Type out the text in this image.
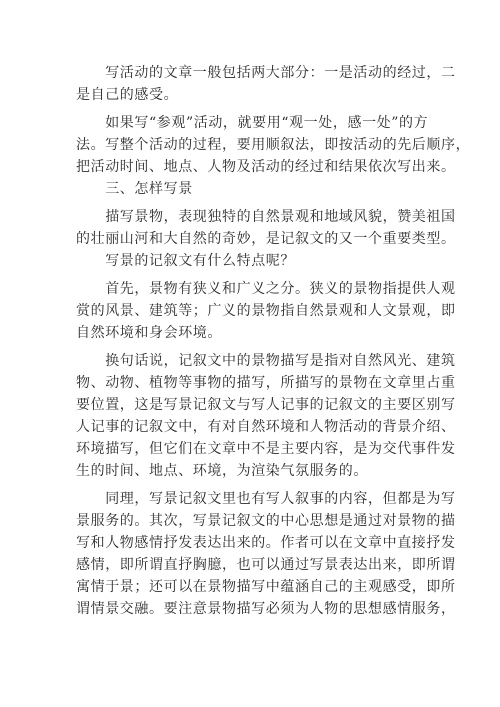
　　写活动的文章一般包括两大部分：一是活动的经过，二
是自己的感受。
　　如果写“参观”活动，就要用“观一处，感一处”的方
法。写整个活动的过程，要用顺叙法，即按活动的先后顺序，
把活动时间、地点、人物及活动的经过和结果依次写出来。
　　三、怎样写景
　　描写景物，表现独特的自然景观和地域风貌，赞美祖国
的壮丽山河和大自然的奇妙，是记叙文的又一个重要类型。
　　写景的记叙文有什么特点呢？
　　首先，景物有狭义和广义之分。狭义的景物指提供人观
赏的风景、建筑等；广义的景物指自然景观和人文景观，即
自然环境和身会环境。
　　换句话说，记叙文中的景物描写是指对自然风光、建筑
物、动物、植物等事物的描写，所描写的景物在文章里占重
要位置，这是写景记叙文与写人记事的记叙文的主要区别写
人记事的记叙文中，有对自然环境和人物活动的背景介绍、
环境描写，但它们在文章中不是主要内容，是为交代事件发
生的时间、地点、环境，为渲染气氛服务的。
　　同理，写景记叙文里也有写人叙事的内容，但都是为写
景服务的。其次，写景记叙文的中心思想是通过对景物的描
写和人物感情抒发表达出来的。作者可以在文章中直接抒发
感情，即所谓直抒胸臆，也可以通过写景表达出来，即所谓
寓情于景；还可以在景物描写中蕴涵自己的主观感受，即所
谓情景交融。要注意景物描写必须为人物的思想感情服务，
